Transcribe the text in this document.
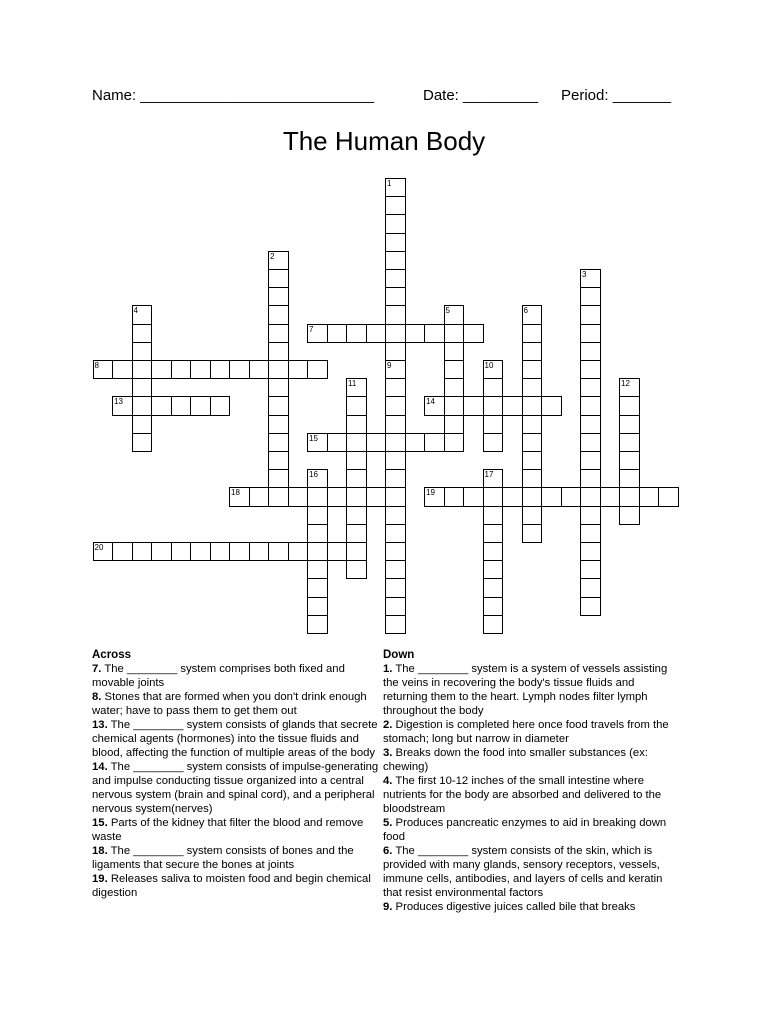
Name: ____________________________	Date: _________ Period: _______
The Human Body
1
9
2
3
4	5	6
7
8	10
11	12
13	14
15
16	17
18	19
20
Across
7. The ________ system comprises both fixed and movable joints
8. Stones that are formed when you don't drink enough water; have to pass them to get them out
13. The ________ system consists of glands that secrete chemical agents (hormones) into the tissue fluids and blood, affecting the function of multiple areas of the body
14. The ________ system consists of impulse-generating and impulse conducting tissue organized into a central nervous system (brain and spinal cord), and a peripheral nervous system(nerves)
15. Parts of the kidney that filter the blood and remove waste
18. The ________ system consists of bones and the ligaments that secure the bones at joints
19. Releases saliva to moisten food and begin chemical digestion
Down
1. The ________ system is a system of vessels assisting the veins in recovering the body's tissue fluids and returning them to the heart. Lymph nodes filter lymph throughout the body
2. Digestion is completed here once food travels from the stomach; long but narrow in diameter
3. Breaks down the food into smaller substances (ex: chewing)
4. The first 10-12 inches of the small intestine where nutrients for the body are absorbed and delivered to the bloodstream
5. Produces pancreatic enzymes to aid in breaking down food
6. The ________ system consists of the skin, which is provided with many glands, sensory receptors, vessels, immune cells, antibodies, and layers of cells and keratin that resist environmental factors
9. Produces digestive juices called bile that breaks
